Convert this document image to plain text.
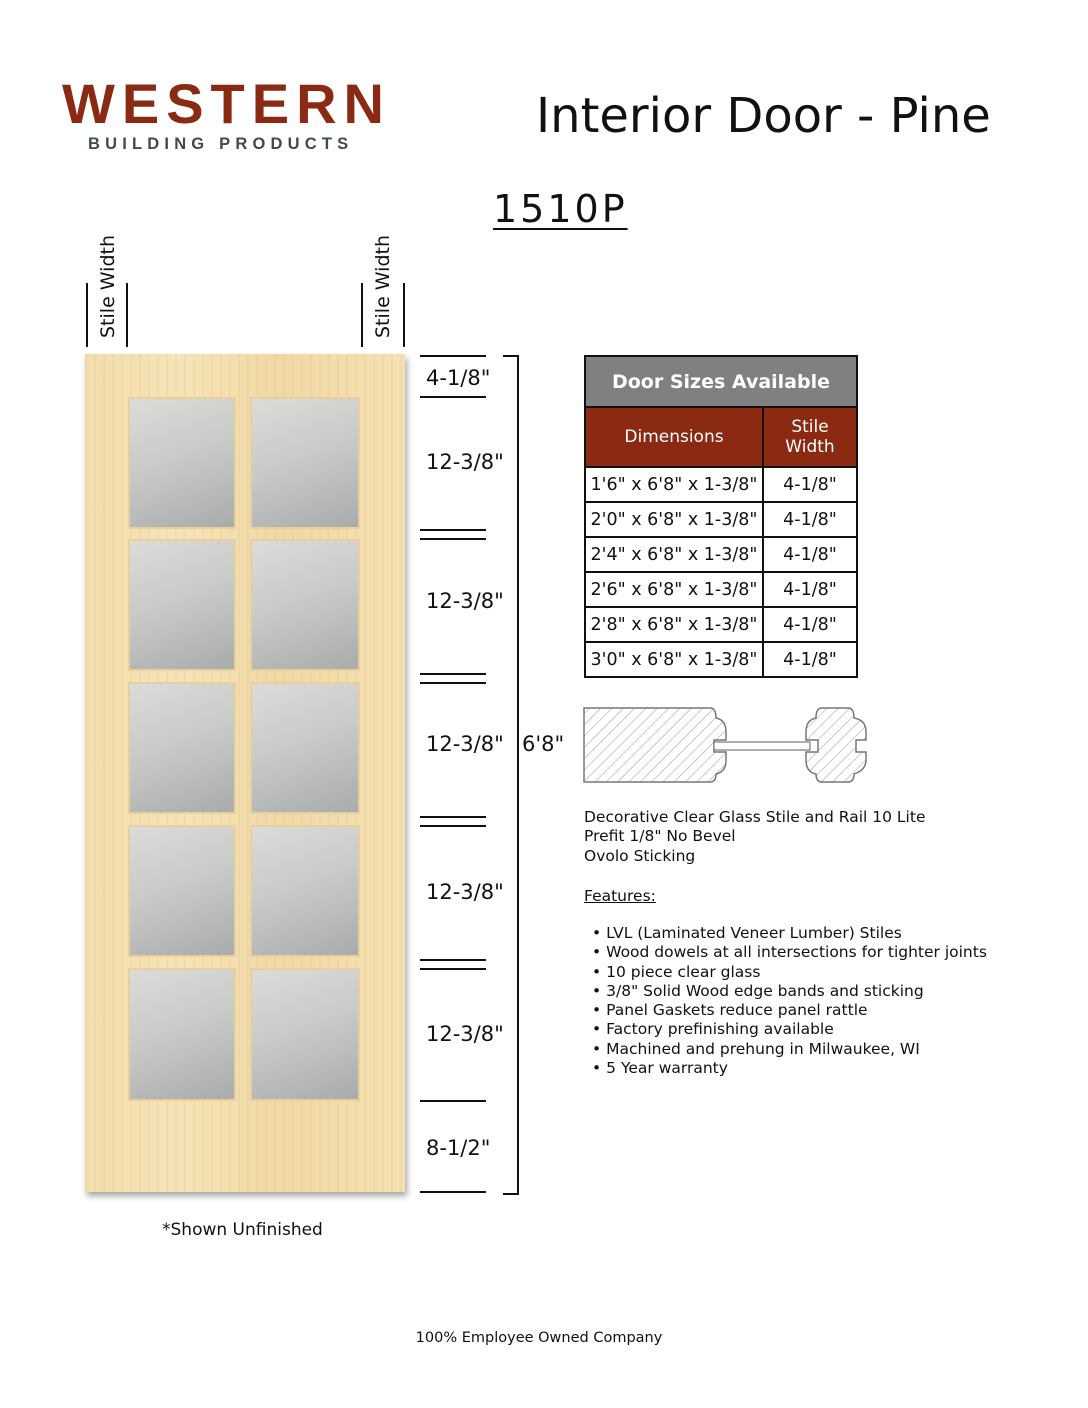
WESTERN
BUILDING PRODUCTS	Interior Door - Pine
1510P
Stile Width	Stile Width
4-1/8"
12-3/8"
12-3/8"
12-3/8"
12-3/8"
12-3/8"
8-1/2"
6'8"
Door Sizes Available	
Dimensions	Stile Width
1'6" x 6'8" x 1-3/8"	4-1/8"
2'0" x 6'8" x 1-3/8"	4-1/8"
2'4" x 6'8" x 1-3/8"	4-1/8"
2'6" x 6'8" x 1-3/8"	4-1/8"
2'8" x 6'8" x 1-3/8"	4-1/8"
3'0" x 6'8" x 1-3/8"	4-1/8"
Decorative Clear Glass Stile and Rail 10 Lite
Prefit 1/8" No Bevel
Ovolo Sticking
Features:
• LVL (Laminated Veneer Lumber) Stiles
• Wood dowels at all intersections for tighter joints
• 10 piece clear glass
• 3/8" Solid Wood edge bands and sticking
• Panel Gaskets reduce panel rattle
• Factory prefinishing available
• Machined and prehung in Milwaukee, WI
• 5 Year warranty
*Shown Unfinished
100% Employee Owned Company
